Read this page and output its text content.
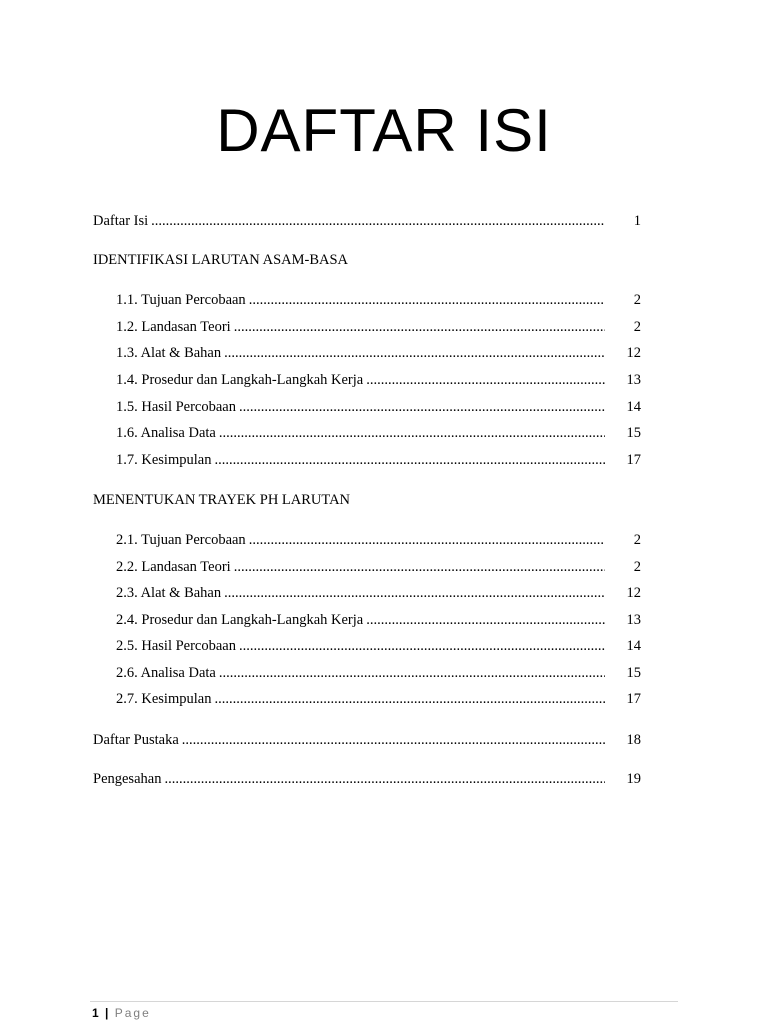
DAFTAR ISI
Daftar Isi .....	1
IDENTIFIKASI LARUTAN ASAM-BASA
1.1. Tujuan Percobaan .....	2
1.2. Landasan Teori .....	2
1.3. Alat & Bahan .....	12
1.4. Prosedur dan Langkah-Langkah Kerja .....	13
1.5. Hasil Percobaan .....	14
1.6. Analisa Data .....	15
1.7. Kesimpulan .....	17
MENENTUKAN TRAYEK PH LARUTAN
2.1. Tujuan Percobaan .....	2
2.2. Landasan Teori .....	2
2.3. Alat & Bahan .....	12
2.4. Prosedur dan Langkah-Langkah Kerja .....	13
2.5. Hasil Percobaan .....	14
2.6. Analisa Data .....	15
2.7. Kesimpulan .....	17
Daftar Pustaka .....	18
Pengesahan .....	19
1 | Page
